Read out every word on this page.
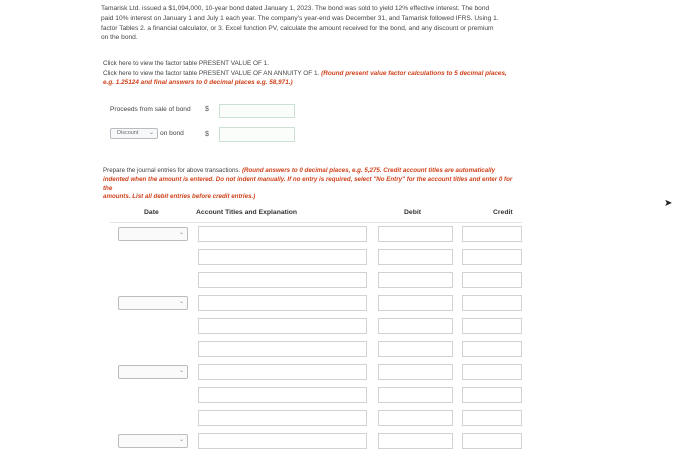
Tamarisk Ltd. issued a $1,094,000, 10-year bond dated January 1, 2023. The bond was sold to yield 12% effective interest. The bond

paid 10% interest on January 1 and July 1 each year. The company's year-end was December 31, and Tamarisk followed IFRS. Using 1.

factor Tables 2. a financial calculator, or 3. Excel function PV, calculate the amount received for the bond, and any discount or premium

on the bond.

Click here to view the factor table PRESENT VALUE OF 1.
Click here to view the factor table PRESENT VALUE OF AN ANNUITY OF 1. (Round present value factor calculations to 5 decimal places,
e.g. 1.25124 and final answers to 0 decimal places e.g. 58,971.)
Proceeds from sale of bond $
Discount ⌄ on bond	$
Prepare the journal entries for above transactions. (Round answers to 0 decimal places, e.g. 5,275. Credit account titles are automatically
indented when the amount is entered. Do not indent manually. If no entry is required, select "No Entry" for the account titles and enter 0 for the
amounts. List all debit entries before credit entries.)
Date	Account Titles and Explanation	Debit	Credit
⌄
⌄
⌄
⌄
➤
